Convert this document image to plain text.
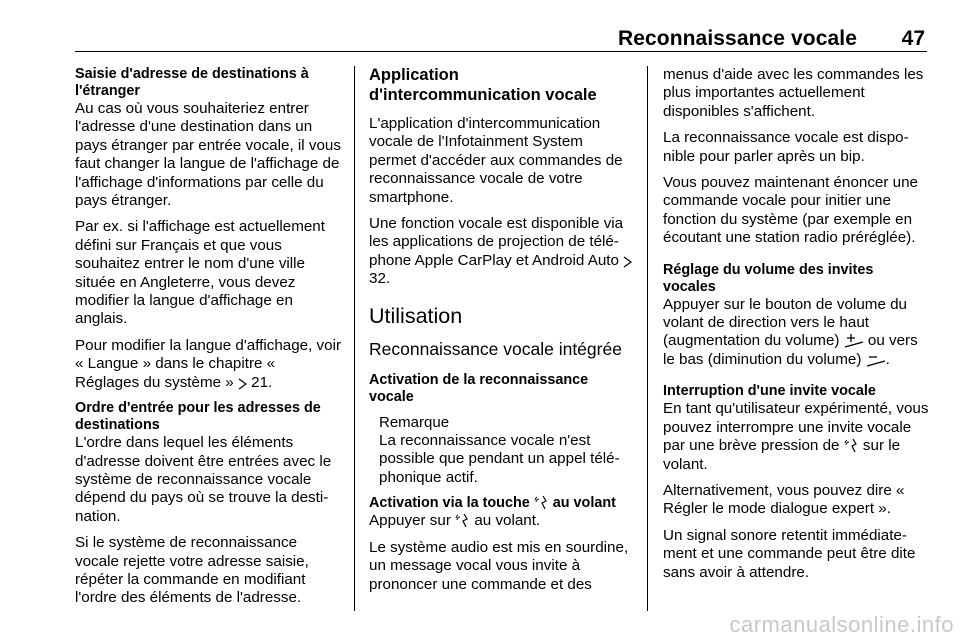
Reconnaissance vocale 47
Saisie d'adresse de destinations à l'étranger

Au cas où vous souhaiteriez entrer l'adresse d'une destination dans un pays étranger par entrée vocale, il vous faut changer la langue de l'affichage de l'affichage d'informations par celle du pays étranger.

Par ex. si l'affichage est actuellement défini sur Français et que vous souhaitez entrer le nom d'une ville située en Angleterre, vous devez modifier la langue d'affichage en anglais.

Pour modifier la langue d'affichage, voir « Langue » dans le chapitre « Réglages du système »  21.

Ordre d'entrée pour les adresses de destinations

L'ordre dans lequel les éléments d'adresse doivent être entrées avec le système de reconnaissance vocale dépend du pays où se trouve la destination.

Si le système de reconnaissance vocale rejette votre adresse saisie, répéter la commande en modifiant l'ordre des éléments de l'adresse.

Application d'intercommunication vocale

L'application d'intercommunication vocale de l'Infotainment System permet d'accéder aux commandes de reconnaissance vocale de votre smartphone.

Une fonction vocale est disponible via les applications de projection de téléphone Apple CarPlay et Android Auto  32.

Utilisation
Reconnaissance vocale intégrée
Activation de la reconnaissance vocale
Remarque
La reconnaissance vocale n'est possible que pendant un appel téléphonique actif.
Activation via la touche  au volant

Appuyer sur  au volant.

Le système audio est mis en sourdine, un message vocal vous invite à prononcer une commande et des

menus d'aide avec les commandes les plus importantes actuellement disponibles s'affichent.

La reconnaissance vocale est disponible pour parler après un bip.

Vous pouvez maintenant énoncer une commande vocale pour initier une fonction du système (par exemple en écoutant une station radio préréglée).

Réglage du volume des invites vocales

Appuyer sur le bouton de volume du volant de direction vers le haut (augmentation du volume)  ou vers le bas (diminution du volume) .

Interruption d'une invite vocale

En tant qu'utilisateur expérimenté, vous pouvez interrompre une invite vocale par une brève pression de  sur le volant.

Alternativement, vous pouvez dire « Régler le mode dialogue expert ».

Un signal sonore retentit immédiatement et une commande peut être dite sans avoir à attendre.

carmanualsonline.info
